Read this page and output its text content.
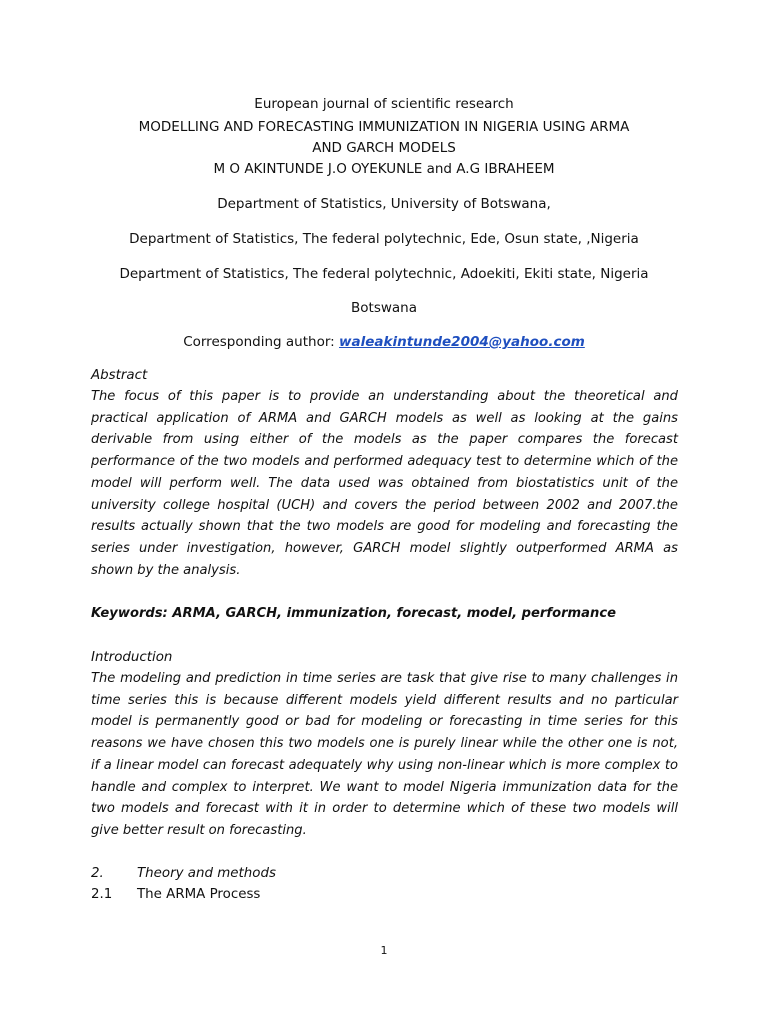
European journal of scientific research
MODELLING AND FORECASTING IMMUNIZATION IN NIGERIA USING ARMA
AND GARCH MODELS
M O AKINTUNDE J.O OYEKUNLE and A.G IBRAHEEM
Department of Statistics, University of Botswana,
Department of Statistics, The federal polytechnic, Ede, Osun state, ,Nigeria
Department of Statistics, The federal polytechnic, Adoekiti, Ekiti state, Nigeria
Botswana
Corresponding author: waleakintunde2004@yahoo.com
Abstract
The focus of this paper is to provide an understanding about the theoretical and practical application of ARMA and GARCH models as well as looking at the gains derivable from using either of the models as the paper compares the forecast performance of the two models and performed adequacy test to determine which of the model will perform well. The data used was obtained from biostatistics unit of the university college hospital (UCH) and covers the period between 2002 and 2007.the results actually shown that the two models are good for modeling and forecasting the series under investigation, however, GARCH model slightly outperformed ARMA as shown by the analysis.
Keywords: ARMA, GARCH, immunization, forecast, model, performance
Introduction
The modeling and prediction in time series are task that give rise to many challenges in time series this is because different models yield different results and no particular model is permanently good or bad for modeling or forecasting in time series for this reasons we have chosen this two models one is purely linear while the other one is not, if a linear model can forecast adequately why using non-linear which is more complex to handle and complex to interpret. We want to model Nigeria immunization data for the two models and forecast with it in order to determine which of these two models will give better result on forecasting.
2. Theory and methods
2.1 The ARMA Process
1
